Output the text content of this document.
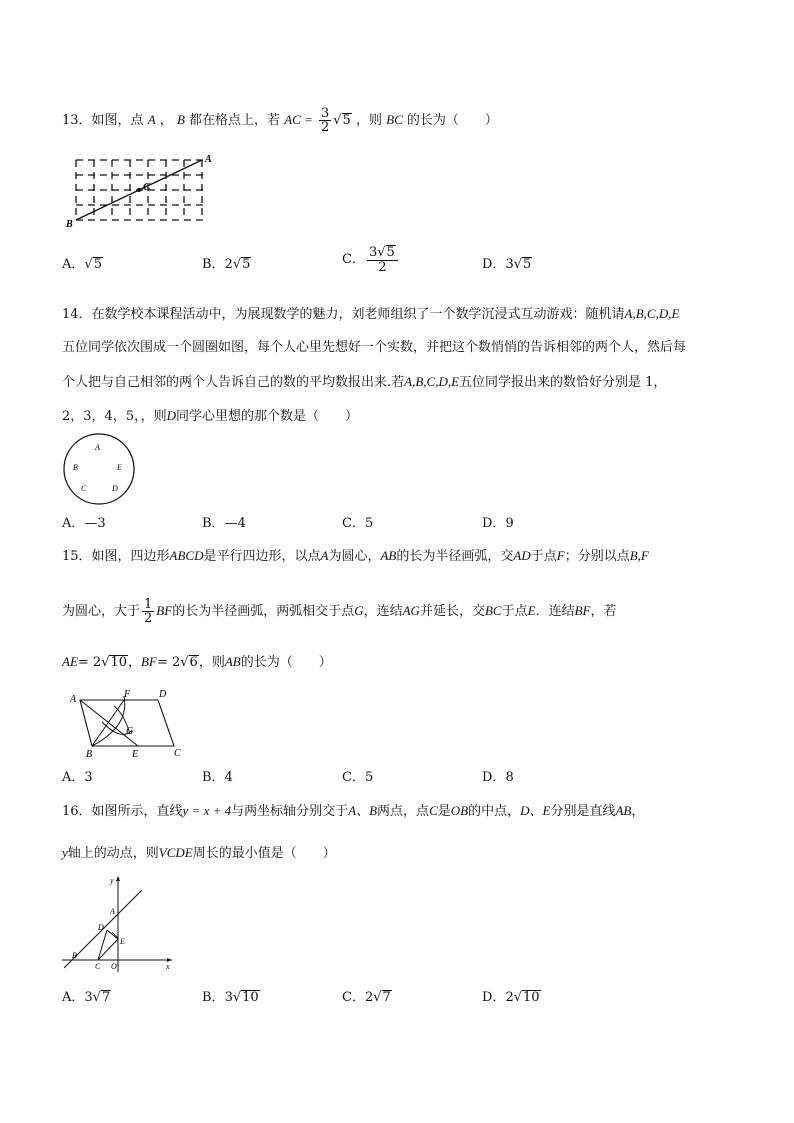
13．如图，点 A ， B 都在格点上，若 AC = $\frac{3}{2} √5$ ，则 BC 的长为（　　）
A
B
C
A．√5	B．2√5	C． $\frac{3√5}{2}$	D．3√5
14．在数学校本课程活动中，为展现数学的魅力，刘老师组织了一个数学沉浸式互动游戏：随机请A,B,C,D,E
五位同学依次围成一个圆圈如图，每个人心里先想好一个实数，并把这个数悄悄的告诉相邻的两个人，然后每
个人把与自己相邻的两个人告诉自己的数的平均数报出来.若A,B,C,D,E五位同学报出来的数恰好分别是 1，
2，3，4，5，，则D同学心里想的那个数是（　　）
A
B	E
C	D
A．—3	B．—4	C．5	D．9
15．如图，四边形ABCD是平行四边形，以点A为圆心，AB的长为半径画弧，交AD于点F；分别以点B,F
为圆心，大于 $\frac{1}{2}$ BF的长为半径画弧，两弧相交于点G，连结AG并延长，交BC于点E．连结BF，若
AE= 2√10，BF= 2√6，则AB的长为（　　）
A	F	D
G
B	E	C
A．3	B．4	C．5	D．8
16．如图所示，直线y = x + 4与两坐标轴分别交于A、B两点，点C是OB的中点，D、E分别是直线AB，
y轴上的动点，则VCDE周长的最小值是（　　）
y
x
A
D
E
B
C O
A．3√7	B．3√10	C．2√7	D．2√10
